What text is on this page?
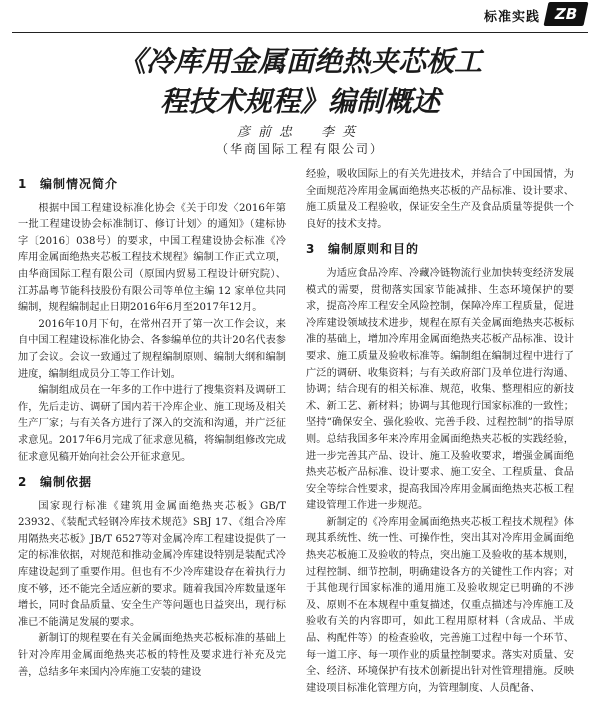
标准实践 ZB
《冷库用金属面绝热夹芯板工
程技术规程》编制概述
彦前忠　李英
（华商国际工程有限公司）
1 编制情况简介

根据中国工程建设标准化协会《关于印发〈2016年第一批工程建设协会标准制订、修订计划〉的通知》（建标协字〔2016〕038号）的要求，中国工程建设协会标准《冷库用金属面绝热夹芯板工程技术规程》编制工作正式立项，由华商国际工程有限公司（原国内贸易工程设计研究院）、江苏晶粤节能科技股份有限公司等单位主编 12 家单位共同编制，规程编制起止日期2016年6月至2017年12月。

2016年10月下旬，在常州召开了第一次工作会议，来自中国工程建设标准化协会、各参编单位的共计20名代表参加了会议。会议一致通过了规程编制原则、编制大纲和编制进度，编制组成员分工等工作计划。

编制组成员在一年多的工作中进行了搜集资料及调研工作，先后走访、调研了国内若干冷库企业、施工现场及相关生产厂家；与有关各方进行了深入的交流和沟通，并广泛征求意见。2017年6月完成了征求意见稿，将编制组修改完成征求意见稿开始向社会公开征求意见。

2 编制依据

国家现行标准《建筑用金属面绝热夹芯板》GB/T 23932、《装配式轻钢冷库技术规范》SBJ 17、《组合冷库用隔热夹芯板》JB/T 6527等对金属冷库工程建设提供了一定的标准依据，对规范和推动金属冷库建设特别是装配式冷库建设起到了重要作用。但也有不少冷库建设存在着执行力度不够，还不能完全适应新的要求。随着我国冷库数量逐年增长，同时食品质量、安全生产等问题也日益突出，现行标准已不能满足发展的要求。

新制订的规程要在有关金属面绝热夹芯板标准的基础上针对冷库用金属面绝热夹芯板的特性及要求进行补充及完善，总结多年来国内冷库施工安装的建设

经验，吸收国际上的有关先进技术，并结合了中国国情，为全面规范冷库用金属面绝热夹芯板的产品标准、设计要求、施工质量及工程验收，保证安全生产及食品质量等提供一个良好的技术支持。

3 编制原则和目的

为适应食品冷库、冷藏冷链物流行业加快转变经济发展模式的需要，贯彻落实国家节能减排、生态环境保护的要求，提高冷库工程安全风险控制，保障冷库工程质量，促进冷库建设领域技术进步，规程在原有关金属面绝热夹芯板标准的基础上，增加冷库用金属面绝热夹芯板产品标准、设计要求、施工质量及验收标准等。编制组在编制过程中进行了广泛的调研、收集资料；与有关政府部门及单位进行沟通、协调；结合现有的相关标准、规范，收集、整理相应的新技术、新工艺、新材料；协调与其他现行国家标准的一致性；坚持“确保安全、强化验收、完善手段、过程控制”的指导原则。总结我国多年来冷库用金属面绝热夹芯板的实践经验，进一步完善其产品、设计、施工及验收要求，增强金属面绝热夹芯板产品标准、设计要求、施工安全、工程质量、食品安全等综合性要求，提高我国冷库用金属面绝热夹芯板工程建设管理工作进一步规范。

新制定的《冷库用金属面绝热夹芯板工程技术规程》体现其系统性、统一性、可操作性，突出其对冷库用金属面绝热夹芯板施工及验收的特点，突出施工及验收的基本规则，过程控制、细节控制，明确建设各方的关键性工作内容；对于其他现行国家标准的通用施工及验收规定已明确的不涉及、原则不在本规程中重复描述，仅重点描述与冷库施工及验收有关的内容即可，如此工程用原材料（含成品、半成品、构配件等）的检查验收，完善施工过程中每一个环节、每一道工序、每一项作业的质量控制要求。落实对质量、安全、经济、环境保护有技术创新提出针对性管理措施。反映建设项目标准化管理方向，为管理制度、人员配备、
